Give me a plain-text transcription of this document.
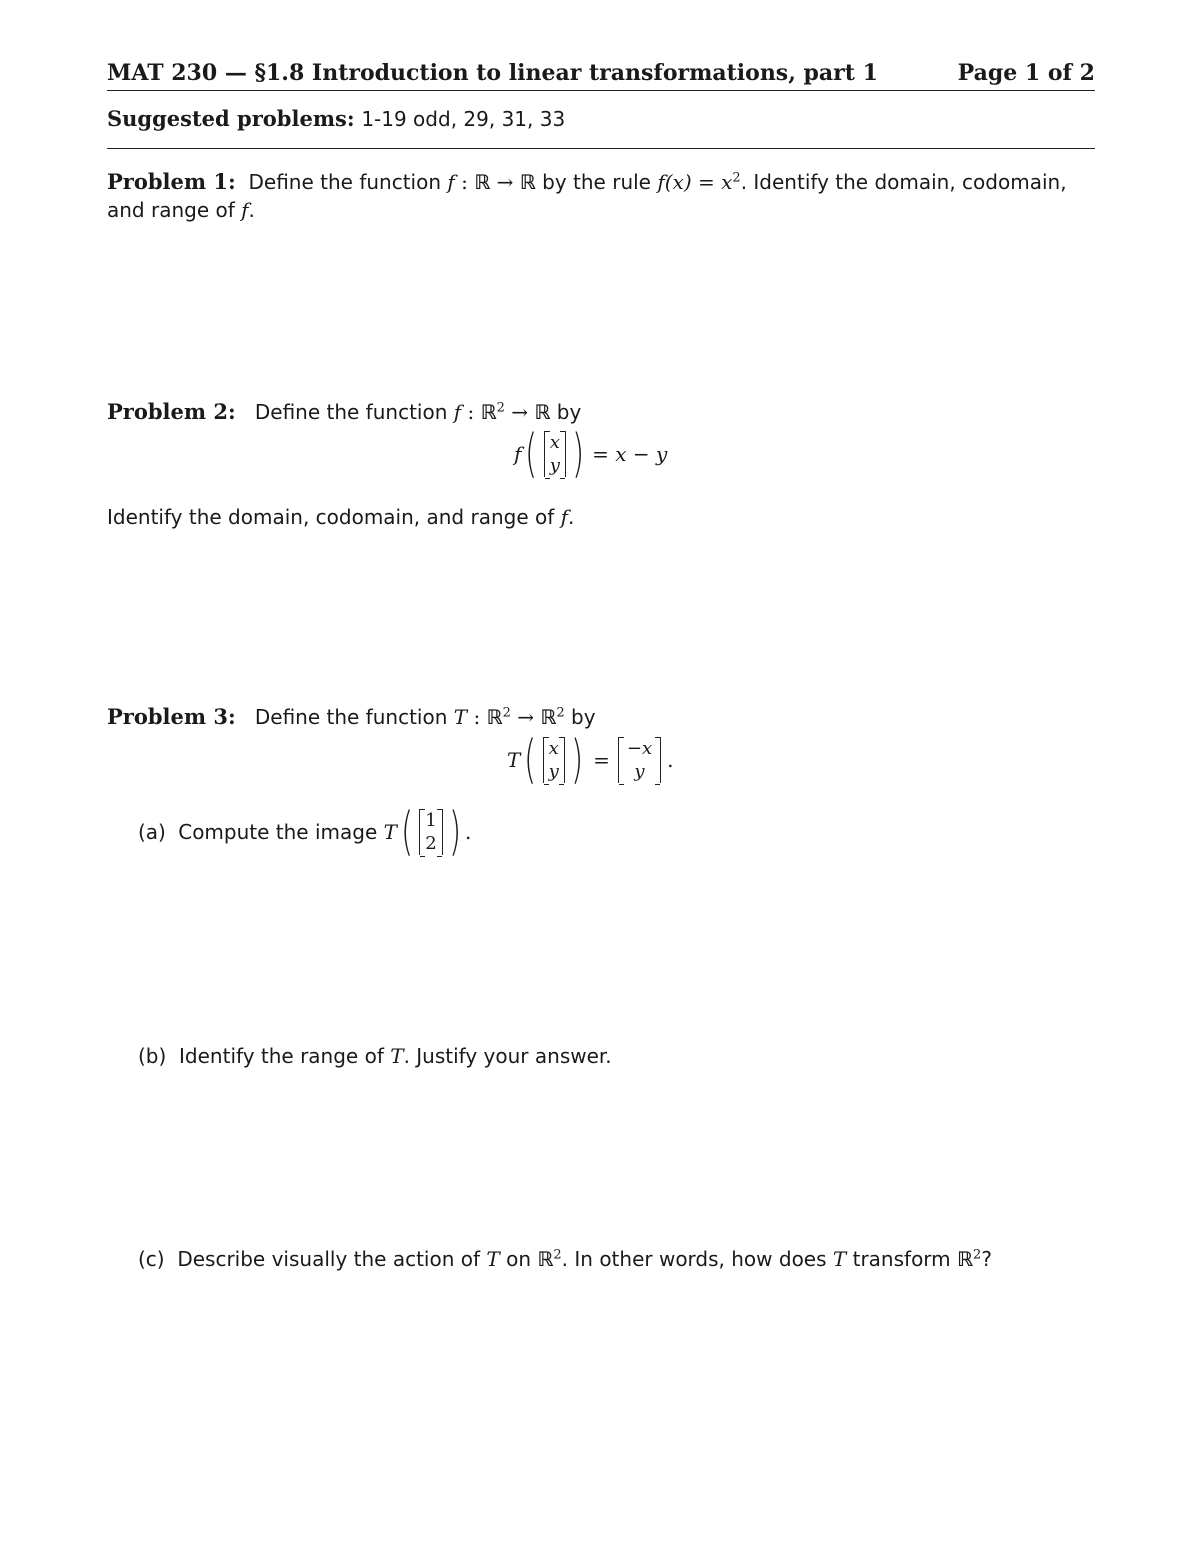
MAT 230 — §1.8 Introduction to linear transformations, part 1	Page 1 of 2
Suggested problems: 1-19 odd, 29, 31, 33
Problem 1: Define the function f : ℝ → ℝ by the rule $f(x) = x^2$. Identify the domain, codomain,
and range of f.
Problem 2: Define the function f : ℝ$^2$ → ℝ by
f ( x
y ) = x − y
Identify the domain, codomain, and range of f.
Problem 3: Define the function T : ℝ$^2$ → ℝ$^2$ by
T ( x
y ) = −x
y .
(a)
Compute the image T ( 1
2 ) .
(b) Identify the range of T. Justify your answer.
(c) Describe visually the action of T on ℝ$^2$. In other words, how does T transform ℝ$^2$?
